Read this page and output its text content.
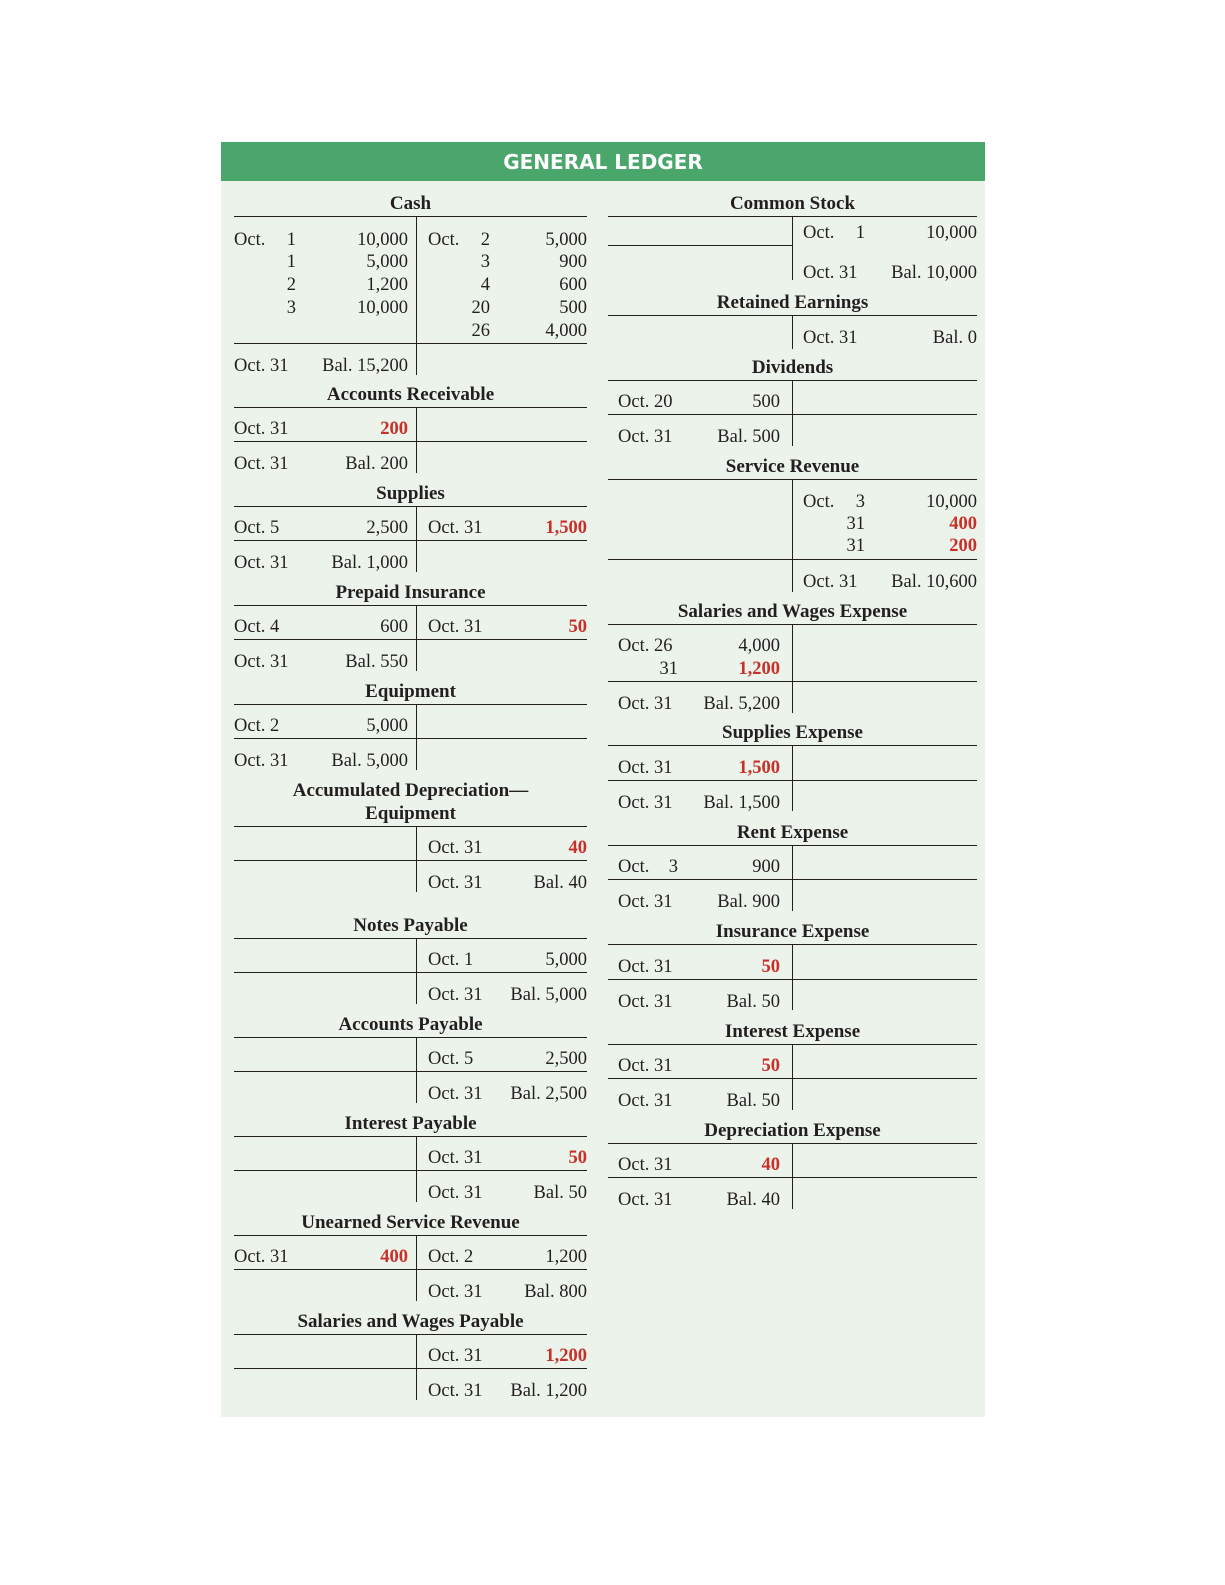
GENERAL LEDGER
Cash
Oct.	1	10,000
1	5,000
2	1,200
3	10,000
Oct.	2	5,000
3	900
4	600
20	500
26	4,000
Oct. 31	Bal. 15,200
Accounts Receivable
Oct. 31	200
Oct. 31	Bal. 200
Supplies
Oct. 5	2,500 Oct. 31	1,500
Oct. 31	Bal. 1,000
Prepaid Insurance
Oct. 4	600 Oct. 31	50
Oct. 31	Bal. 550
Equipment
Oct. 2	5,000
Oct. 31	Bal. 5,000
Accumulated Depreciation—
Equipment
Oct. 31	40
Oct. 31	Bal. 40
Notes Payable
Oct. 1	5,000
Oct. 31	Bal. 5,000
Accounts Payable
Oct. 5	2,500
Oct. 31	Bal. 2,500
Interest Payable
Oct. 31	50
Oct. 31	Bal. 50
Unearned Service Revenue
Oct. 31	400 Oct. 2	1,200
Oct. 31	Bal. 800
Salaries and Wages Payable
Oct. 31	1,200
Oct. 31	Bal. 1,200
Common Stock
Oct.	1	10,000
Oct. 31	Bal. 10,000
Retained Earnings
Oct. 31	Bal. 0
Dividends
Oct. 20	500
Oct. 31	Bal. 500
Service Revenue
Oct.	3	10,000
31	400
31	200
Oct. 31	Bal. 10,600
Salaries and Wages Expense
Oct. 26	4,000
31	1,200
Oct. 31	Bal. 5,200
Supplies Expense
Oct. 31	1,500
Oct. 31	Bal. 1,500
Rent Expense
Oct.	3	900
Oct. 31	Bal. 900
Insurance Expense
Oct. 31	50
Oct. 31	Bal. 50
Interest Expense
Oct. 31	50
Oct. 31	Bal. 50
Depreciation Expense
Oct. 31	40
Oct. 31	Bal. 40
